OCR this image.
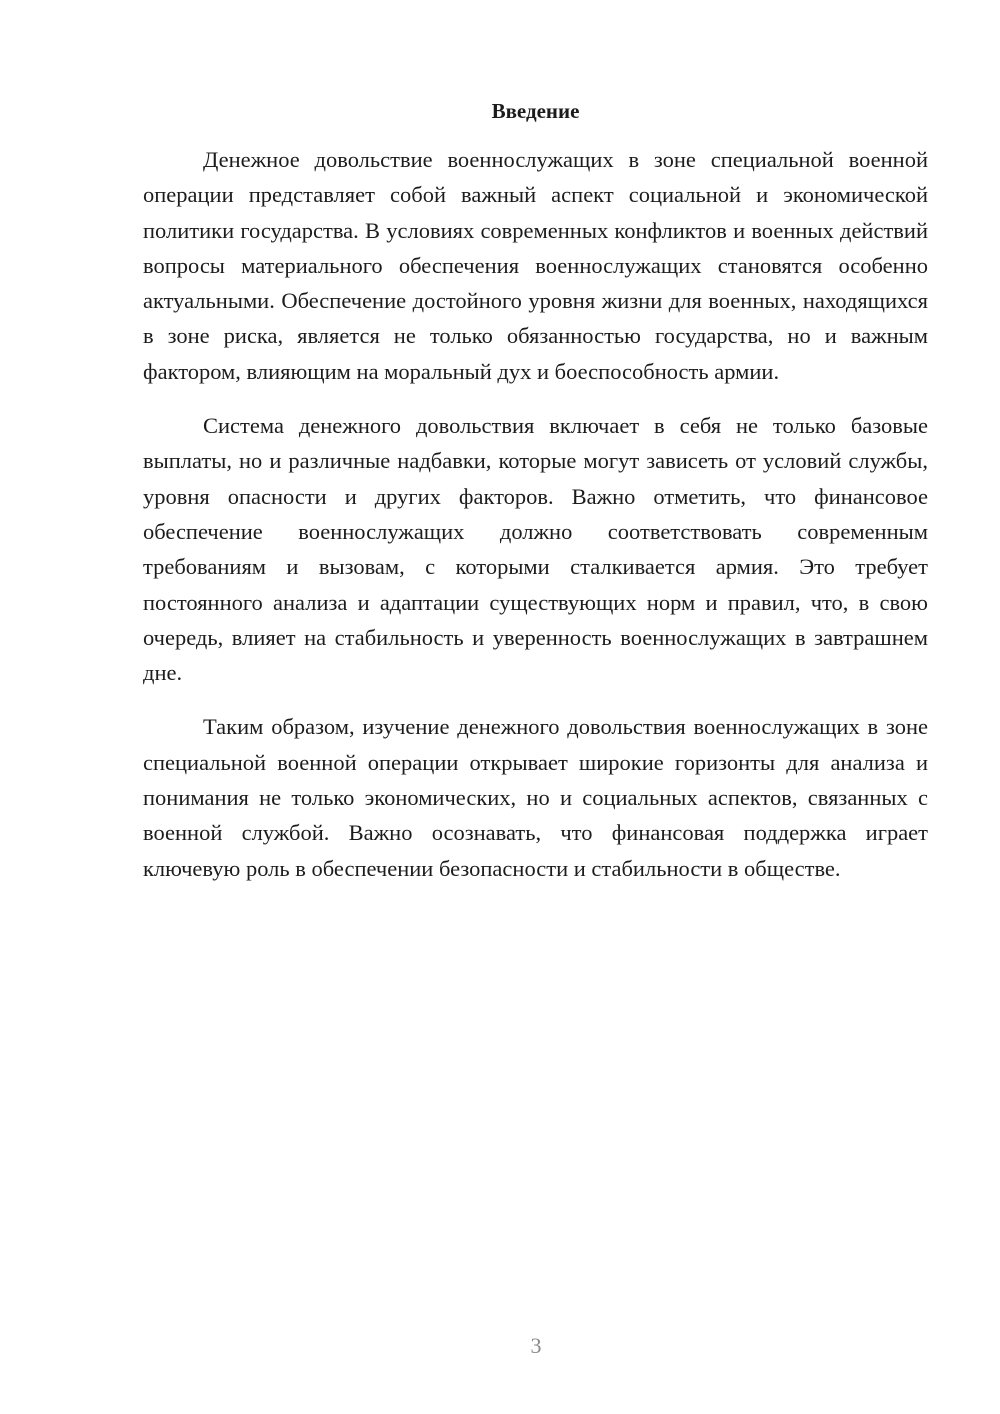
Введение

Денежное довольствие военнослужащих в зоне специальной военной операции представляет собой важный аспект социальной и экономической политики государства. В условиях современных конфликтов и военных действий вопросы материального обеспечения военнослужащих становятся особенно актуальными. Обеспечение достойного уровня жизни для военных, находящихся в зоне риска, является не только обязанностью государства, но и важным фактором, влияющим на моральный дух и боеспособность армии.

Система денежного довольствия включает в себя не только базовые выплаты, но и различные надбавки, которые могут зависеть от условий службы, уровня опасности и других факторов. Важно отметить, что финансовое обеспечение военнослужащих должно соответствовать современным требованиям и вызовам, с которыми сталкивается армия. Это требует постоянного анализа и адаптации существующих норм и правил, что, в свою очередь, влияет на стабильность и уверенность военнослужащих в завтрашнем дне.

Таким образом, изучение денежного довольствия военнослужащих в зоне специальной военной операции открывает широкие горизонты для анализа и понимания не только экономических, но и социальных аспектов, связанных с военной службой. Важно осознавать, что финансовая поддержка играет ключевую роль в обеспечении безопасности и стабильности в обществе.

3
